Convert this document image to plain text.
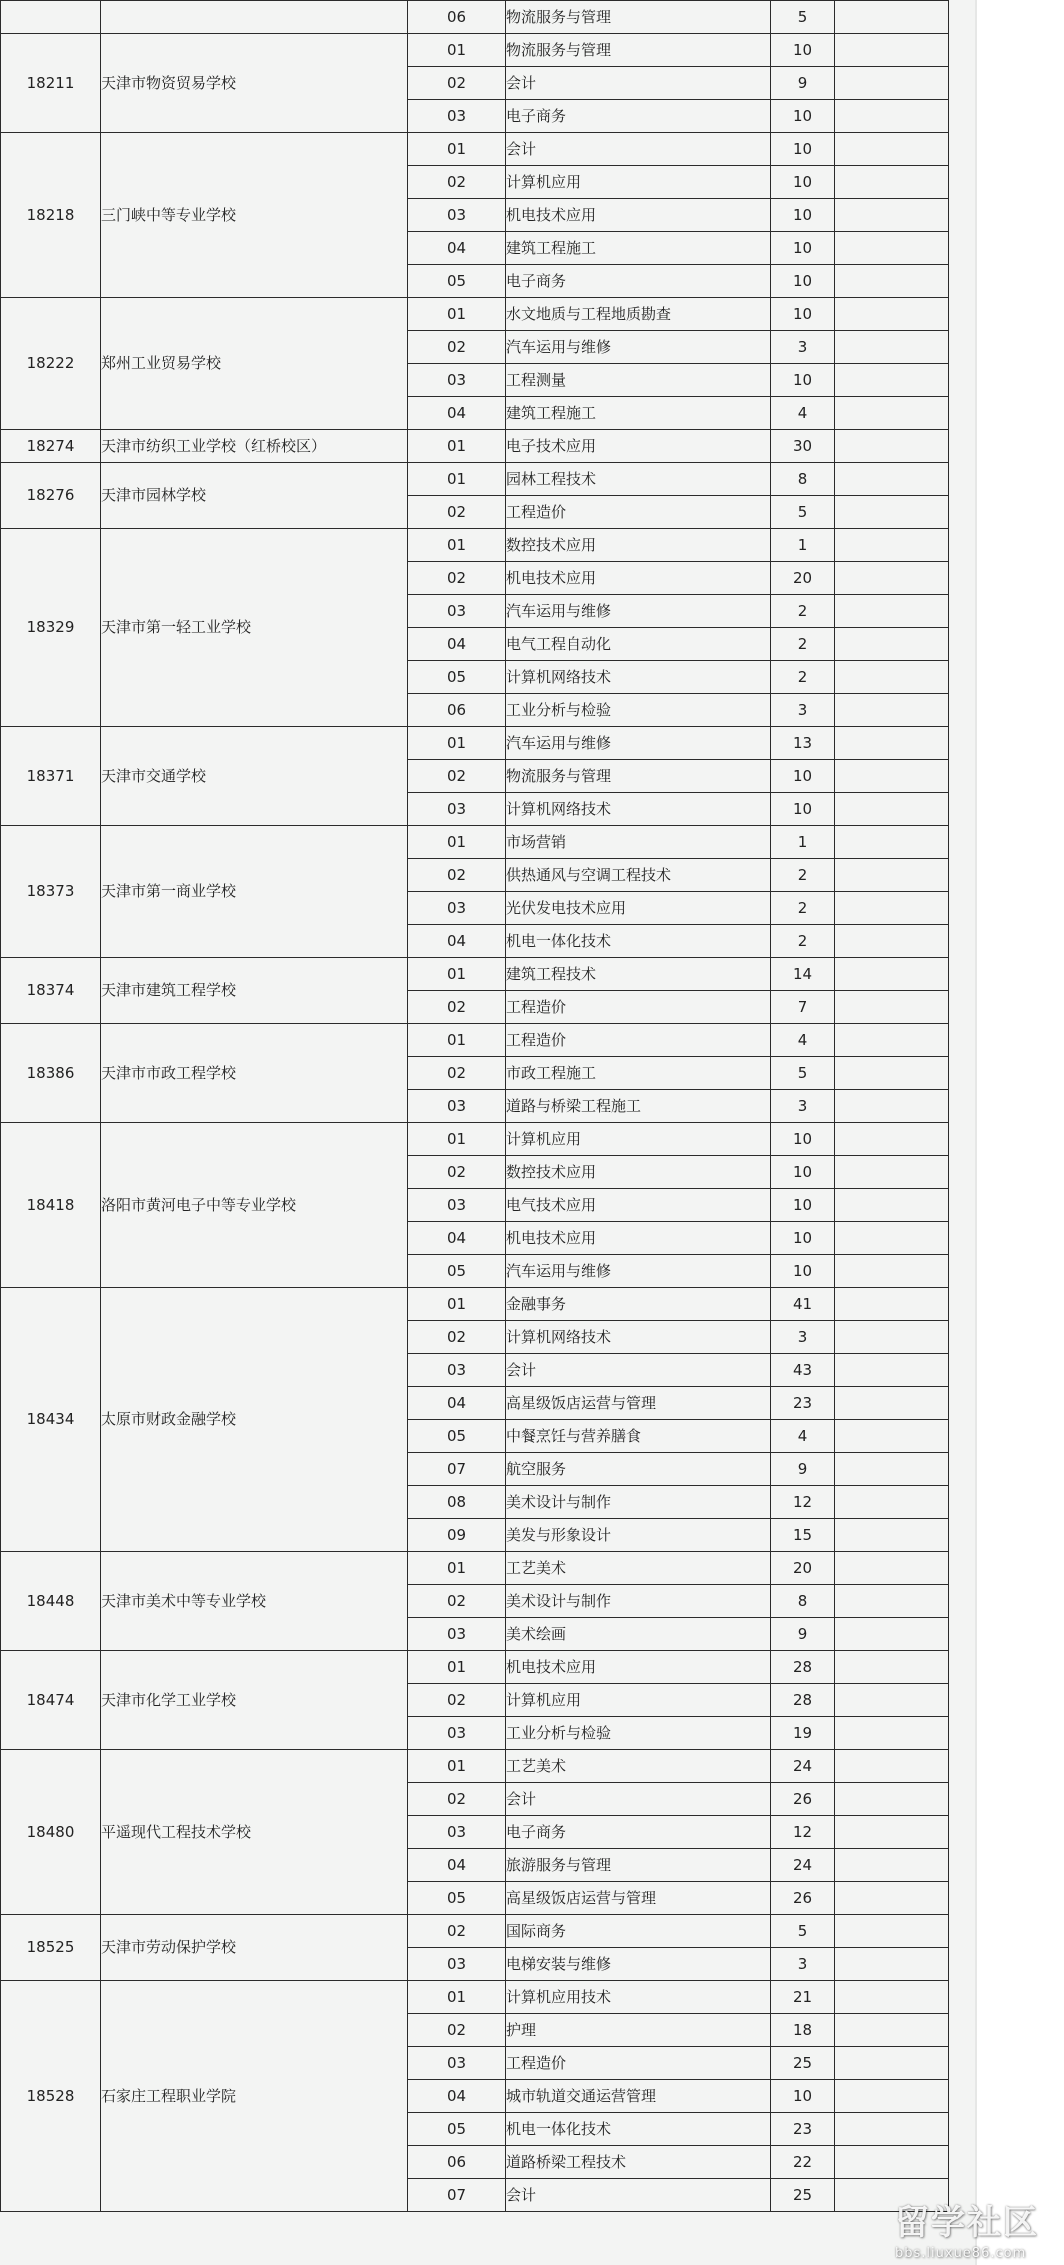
		06	物流服务与管理	5	
18211	天津市物资贸易学校	01	物流服务与管理	10	
		02	会计	9	
		03	电子商务	10	
18218	三门峡中等专业学校	01	会计	10	
		02	计算机应用	10	
		03	机电技术应用	10	
		04	建筑工程施工	10	
		05	电子商务	10	
18222	郑州工业贸易学校	01	水文地质与工程地质勘查	10	
		02	汽车运用与维修	3	
		03	工程测量	10	
		04	建筑工程施工	4	
18274	天津市纺织工业学校（红桥校区）	01	电子技术应用	30	
18276	天津市园林学校	01	园林工程技术	8	
		02	工程造价	5	
18329	天津市第一轻工业学校	01	数控技术应用	1	
		02	机电技术应用	20	
		03	汽车运用与维修	2	
		04	电气工程自动化	2	
		05	计算机网络技术	2	
		06	工业分析与检验	3	
18371	天津市交通学校	01	汽车运用与维修	13	
		02	物流服务与管理	10	
		03	计算机网络技术	10	
18373	天津市第一商业学校	01	市场营销	1	
		02	供热通风与空调工程技术	2	
		03	光伏发电技术应用	2	
		04	机电一体化技术	2	
18374	天津市建筑工程学校	01	建筑工程技术	14	
		02	工程造价	7	
18386	天津市市政工程学校	01	工程造价	4	
		02	市政工程施工	5	
		03	道路与桥梁工程施工	3	
18418	洛阳市黄河电子中等专业学校	01	计算机应用	10	
		02	数控技术应用	10	
		03	电气技术应用	10	
		04	机电技术应用	10	
		05	汽车运用与维修	10	
18434	太原市财政金融学校	01	金融事务	41	
		02	计算机网络技术	3	
		03	会计	43	
		04	高星级饭店运营与管理	23	
		05	中餐烹饪与营养膳食	4	
		07	航空服务	9	
		08	美术设计与制作	12	
		09	美发与形象设计	15	
18448	天津市美术中等专业学校	01	工艺美术	20	
		02	美术设计与制作	8	
		03	美术绘画	9	
18474	天津市化学工业学校	01	机电技术应用	28	
		02	计算机应用	28	
		03	工业分析与检验	19	
18480	平遥现代工程技术学校	01	工艺美术	24	
		02	会计	26	
		03	电子商务	12	
		04	旅游服务与管理	24	
		05	高星级饭店运营与管理	26	
18525	天津市劳动保护学校	02	国际商务	5	
		03	电梯安装与维修	3	
18528	石家庄工程职业学院	01	计算机应用技术	21	
		02	护理	18	
		03	工程造价	25	
		04	城市轨道交通运营管理	10	
		05	机电一体化技术	23	
		06	道路桥梁工程技术	22	
		07	会计	25	
留学社区
bbs.liuxue86.com
